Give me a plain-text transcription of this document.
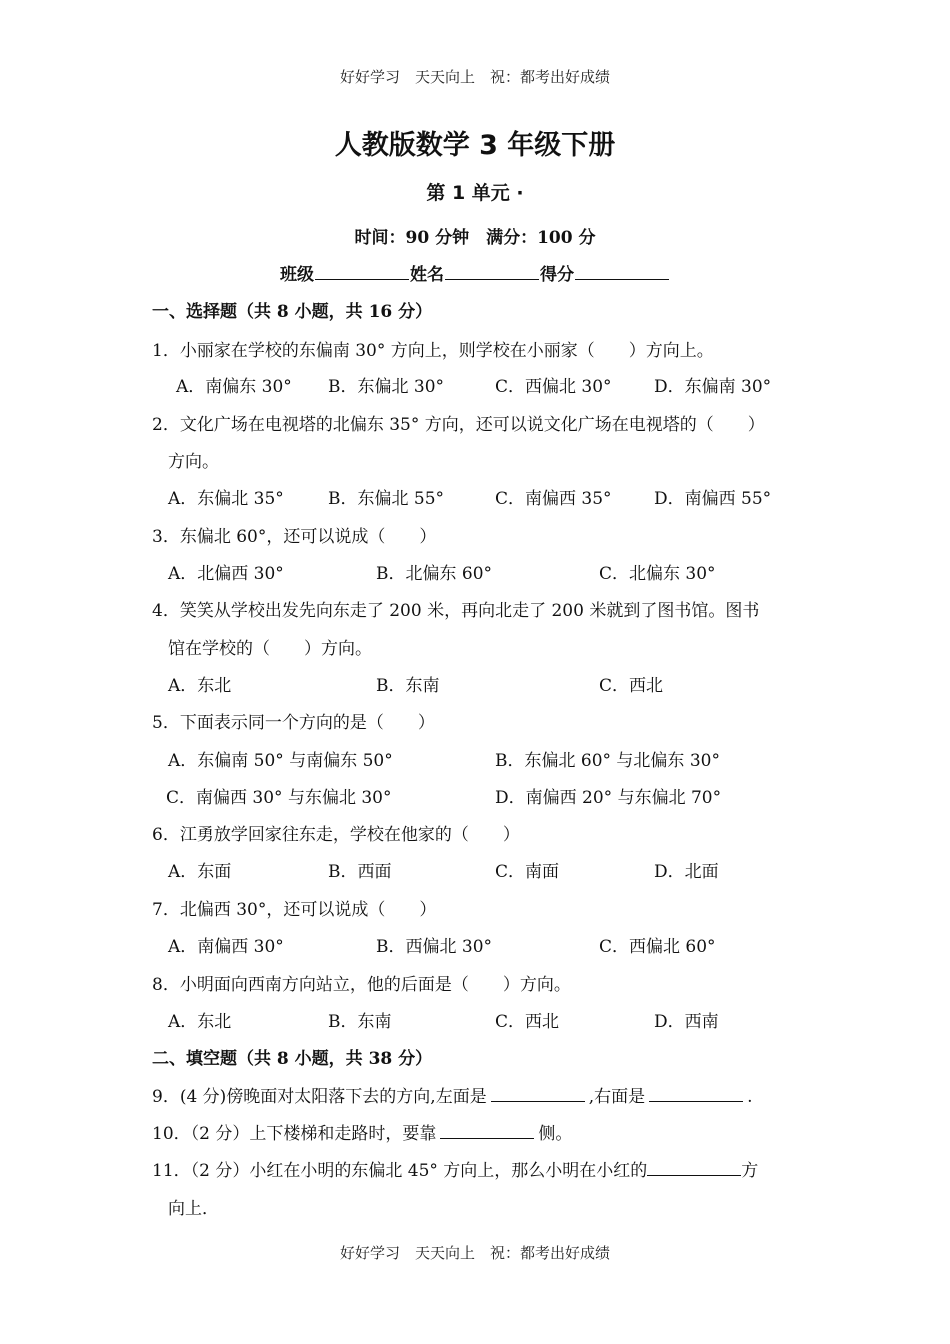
好好学习　天天向上　祝：都考出好成绩
人教版数学 3 年级下册
第 1 单元 ·
时间：90 分钟　满分：100 分
班级	姓名	得分
一、选择题（共 8 小题，共 16 分）
1．小丽家在学校的东偏南 30° 方向上，则学校在小丽家（　　）方向上。
A．南偏东 30° B．东偏北 30°	C．西偏北 30° D．东偏南 30°
2．文化广场在电视塔的北偏东 35° 方向，还可以说文化广场在电视塔的（　　）
方向。
A．东偏北 35°	B．东偏北 55°	C．南偏西 35° D．南偏西 55°
3．东偏北 60°，还可以说成（　　）
A．北偏西 30°	B．北偏东 60°	C．北偏东 30°
4．笑笑从学校出发先向东走了 200 米，再向北走了 200 米就到了图书馆。图书
馆在学校的（　　）方向。
A．东北	B．东南	C．西北
5．下面表示同一个方向的是（　　）
A．东偏南 50° 与南偏东 50°	B．东偏北 60° 与北偏东 30°
C．南偏西 30° 与东偏北 30°	D．南偏西 20° 与东偏北 70°
6．江勇放学回家往东走，学校在他家的（　　）
A．东面	B．西面	C．南面	D．北面
7．北偏西 30°，还可以说成（　　）
A．南偏西 30°	B．西偏北 30°	C．西偏北 60°
8．小明面向西南方向站立，他的后面是（　　）方向。
A．东北	B．东南	C．西北	D．西南
二、填空题（共 8 小题，共 38 分）
9．(4 分)傍晚面对太阳落下去的方向,左面是	,右面是	.
10．（2 分）上下楼梯和走路时，要靠	侧。
11．（2 分）小红在小明的东偏北 45° 方向上，那么小明在小红的	方
向上．
好好学习　天天向上　祝：都考出好成绩
